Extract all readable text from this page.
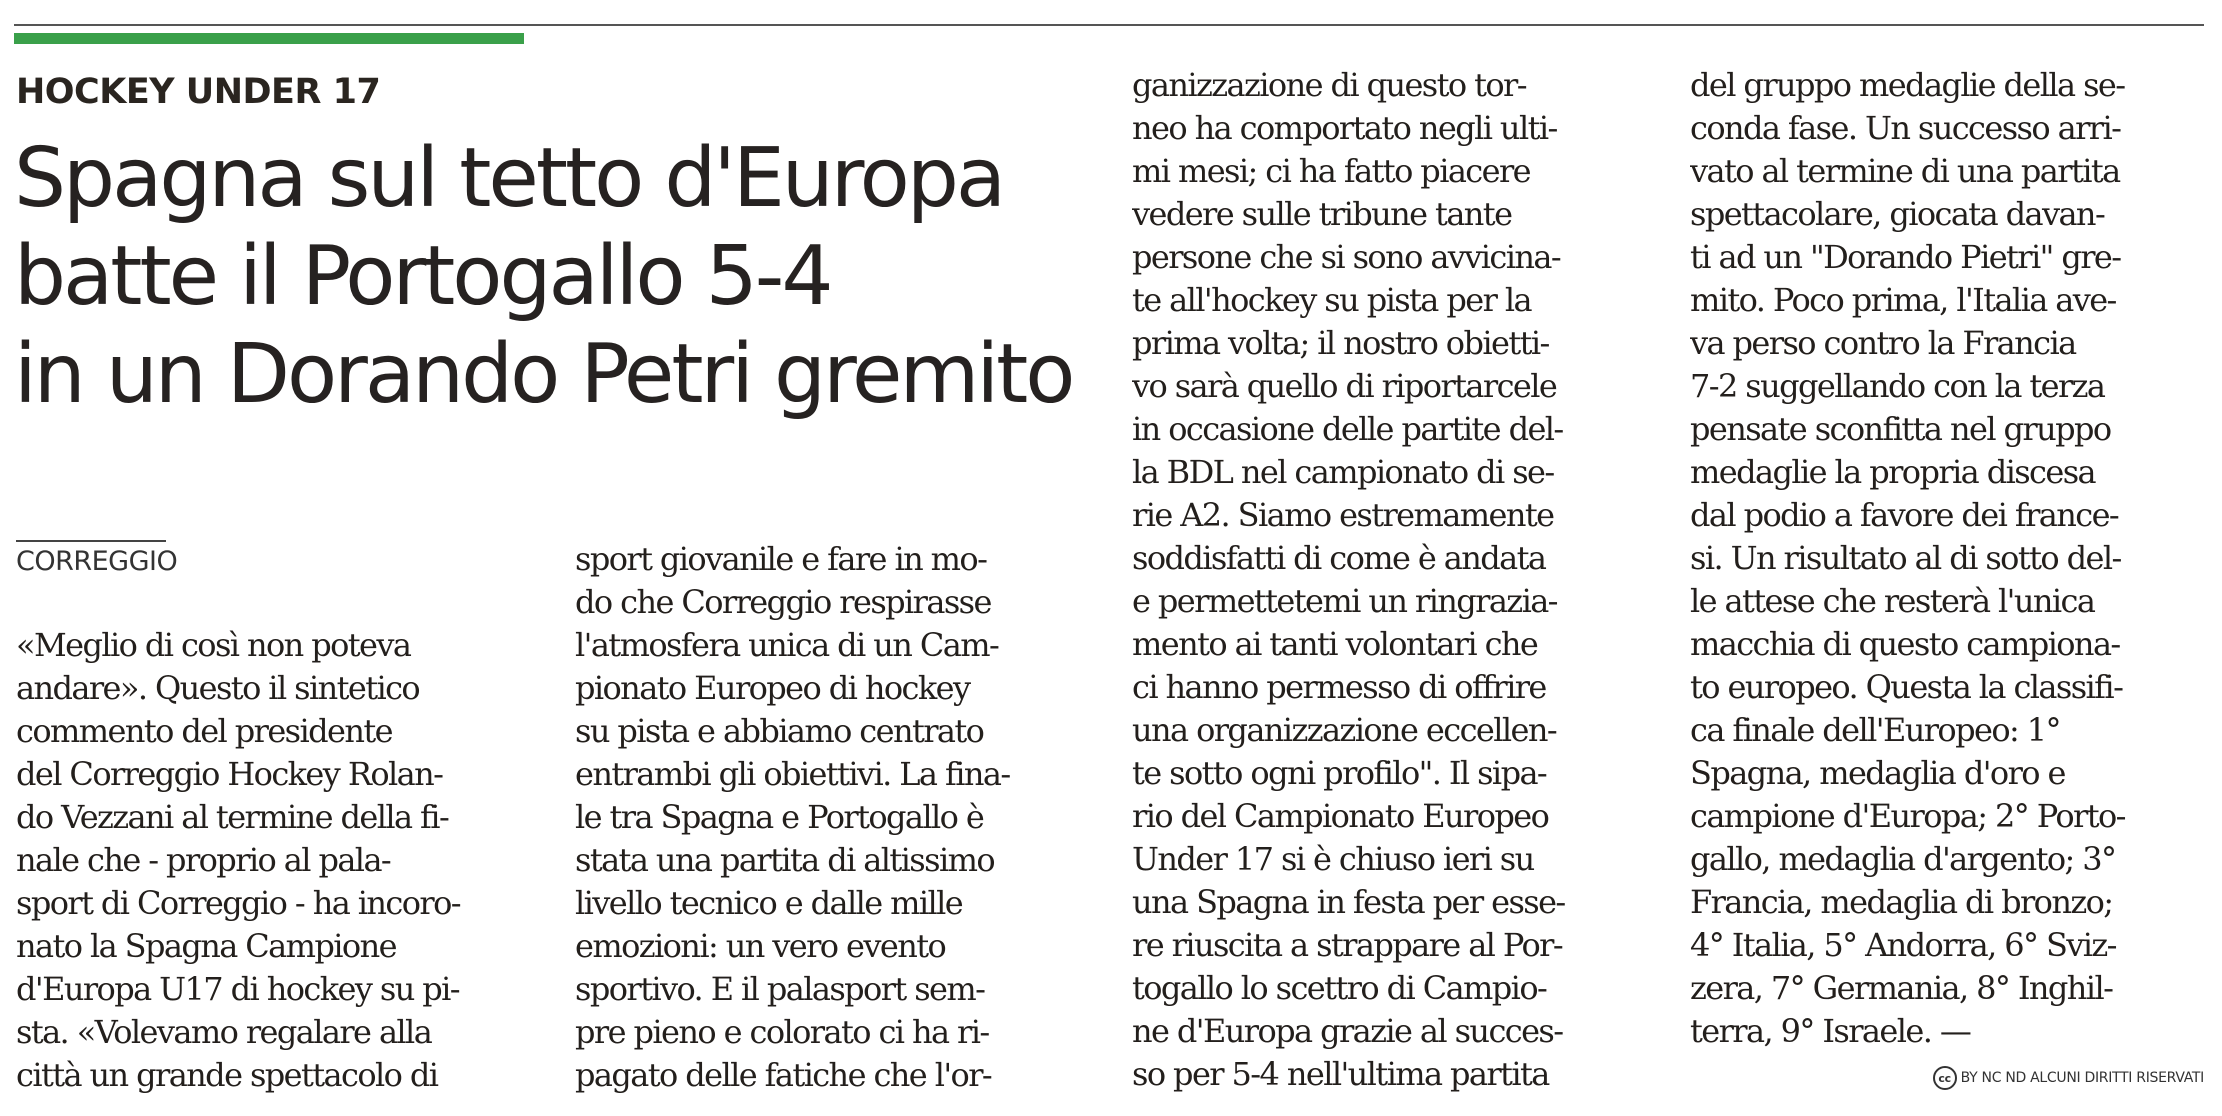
HOCKEY UNDER 17
Spagna sul tetto d'Europa
batte il Portogallo 5-4
in un Dorando Petri gremito
CORREGGIO
«Meglio di così non poteva
andare». Questo il sintetico
commento del presidente
del Correggio Hockey Rolan-
do Vezzani al termine della fi-
nale che - proprio al pala-
sport di Correggio - ha incoro-
nato la Spagna Campione
d'Europa U17 di hockey su pi-
sta. «Volevamo regalare alla
città un grande spettacolo di
sport giovanile e fare in mo-
do che Correggio respirasse
l'atmosfera unica di un Cam-
pionato Europeo di hockey
su pista e abbiamo centrato
entrambi gli obiettivi. La fina-
le tra Spagna e Portogallo è
stata una partita di altissimo
livello tecnico e dalle mille
emozioni: un vero evento
sportivo. E il palasport sem-
pre pieno e colorato ci ha ri-
pagato delle fatiche che l'or-
ganizzazione di questo tor-
neo ha comportato negli ulti-
mi mesi; ci ha fatto piacere
vedere sulle tribune tante
persone che si sono avvicina-
te all'hockey su pista per la
prima volta; il nostro obietti-
vo sarà quello di riportarcele
in occasione delle partite del-
la BDL nel campionato di se-
rie A2. Siamo estremamente
soddisfatti di come è andata
e permettetemi un ringrazia-
mento ai tanti volontari che
ci hanno permesso di offrire
una organizzazione eccellen-
te sotto ogni profilo". Il sipa-
rio del Campionato Europeo
Under 17 si è chiuso ieri su
una Spagna in festa per esse-
re riuscita a strappare al Por-
togallo lo scettro di Campio-
ne d'Europa grazie al succes-
so per 5-4 nell'ultima partita
del gruppo medaglie della se-
conda fase. Un successo arri-
vato al termine di una partita
spettacolare, giocata davan-
ti ad un "Dorando Pietri" gre-
mito. Poco prima, l'Italia ave-
va perso contro la Francia
7-2 suggellando con la terza
pensate sconfitta nel gruppo
medaglie la propria discesa
dal podio a favore dei france-
si. Un risultato al di sotto del-
le attese che resterà l'unica
macchia di questo campiona-
to europeo. Questa la classifi-
ca finale dell'Europeo: 1°
Spagna, medaglia d'oro e
campione d'Europa; 2° Porto-
gallo, medaglia d'argento; 3°
Francia, medaglia di bronzo;
4° Italia, 5° Andorra, 6° Sviz-
zera, 7° Germania, 8° Inghil-
terra, 9° Israele. —
cc BY NC ND ALCUNI DIRITTI RISERVATI
